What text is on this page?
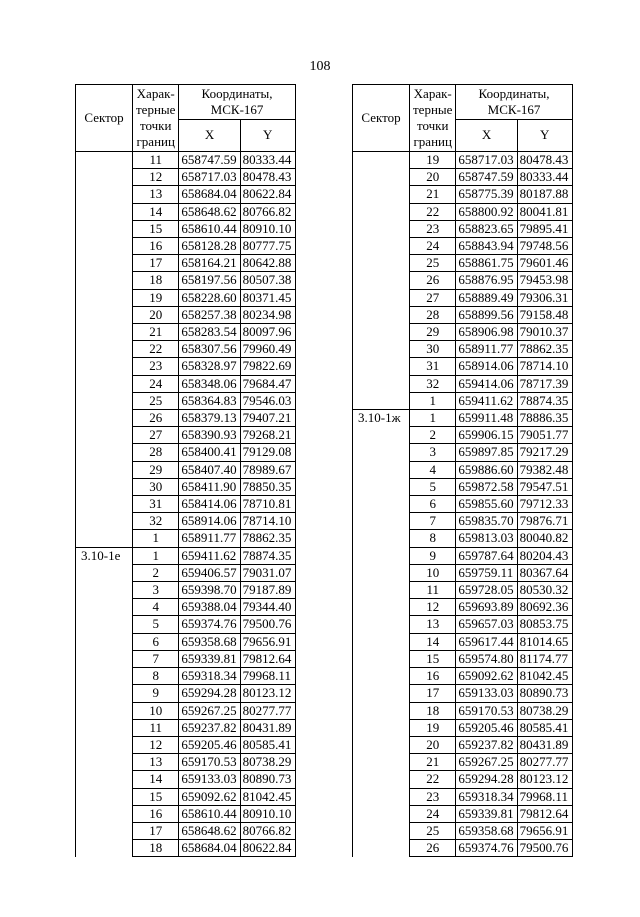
108
Сектор	Харак-
терные
точки
границ	Координаты,
МСК-167	
		X	Y
	11	658747.59	80333.44
	12	658717.03	80478.43
	13	658684.04	80622.84
	14	658648.62	80766.82
	15	658610.44	80910.10
	16	658128.28	80777.75
	17	658164.21	80642.88
	18	658197.56	80507.38
	19	658228.60	80371.45
	20	658257.38	80234.98
	21	658283.54	80097.96
	22	658307.56	79960.49
	23	658328.97	79822.69
	24	658348.06	79684.47
	25	658364.83	79546.03
	26	658379.13	79407.21
	27	658390.93	79268.21
	28	658400.41	79129.08
	29	658407.40	78989.67
	30	658411.90	78850.35
	31	658414.06	78710.81
	32	658914.06	78714.10
	1	658911.77	78862.35
3.10-1е	1	659411.62	78874.35
	2	659406.57	79031.07
	3	659398.70	79187.89
	4	659388.04	79344.40
	5	659374.76	79500.76
	6	659358.68	79656.91
	7	659339.81	79812.64
	8	659318.34	79968.11
	9	659294.28	80123.12
	10	659267.25	80277.77
	11	659237.82	80431.89
	12	659205.46	80585.41
	13	659170.53	80738.29
	14	659133.03	80890.73
	15	659092.62	81042.45
	16	658610.44	80910.10
	17	658648.62	80766.82
	18	658684.04	80622.84
Сектор	Харак-
терные
точки
границ	Координаты,
МСК-167	
		X	Y
	19	658717.03	80478.43
	20	658747.59	80333.44
	21	658775.39	80187.88
	22	658800.92	80041.81
	23	658823.65	79895.41
	24	658843.94	79748.56
	25	658861.75	79601.46
	26	658876.95	79453.98
	27	658889.49	79306.31
	28	658899.56	79158.48
	29	658906.98	79010.37
	30	658911.77	78862.35
	31	658914.06	78714.10
	32	659414.06	78717.39
	1	659411.62	78874.35
3.10-1ж	1	659911.48	78886.35
	2	659906.15	79051.77
	3	659897.85	79217.29
	4	659886.60	79382.48
	5	659872.58	79547.51
	6	659855.60	79712.33
	7	659835.70	79876.71
	8	659813.03	80040.82
	9	659787.64	80204.43
	10	659759.11	80367.64
	11	659728.05	80530.32
	12	659693.89	80692.36
	13	659657.03	80853.75
	14	659617.44	81014.65
	15	659574.80	81174.77
	16	659092.62	81042.45
	17	659133.03	80890.73
	18	659170.53	80738.29
	19	659205.46	80585.41
	20	659237.82	80431.89
	21	659267.25	80277.77
	22	659294.28	80123.12
	23	659318.34	79968.11
	24	659339.81	79812.64
	25	659358.68	79656.91
	26	659374.76	79500.76
